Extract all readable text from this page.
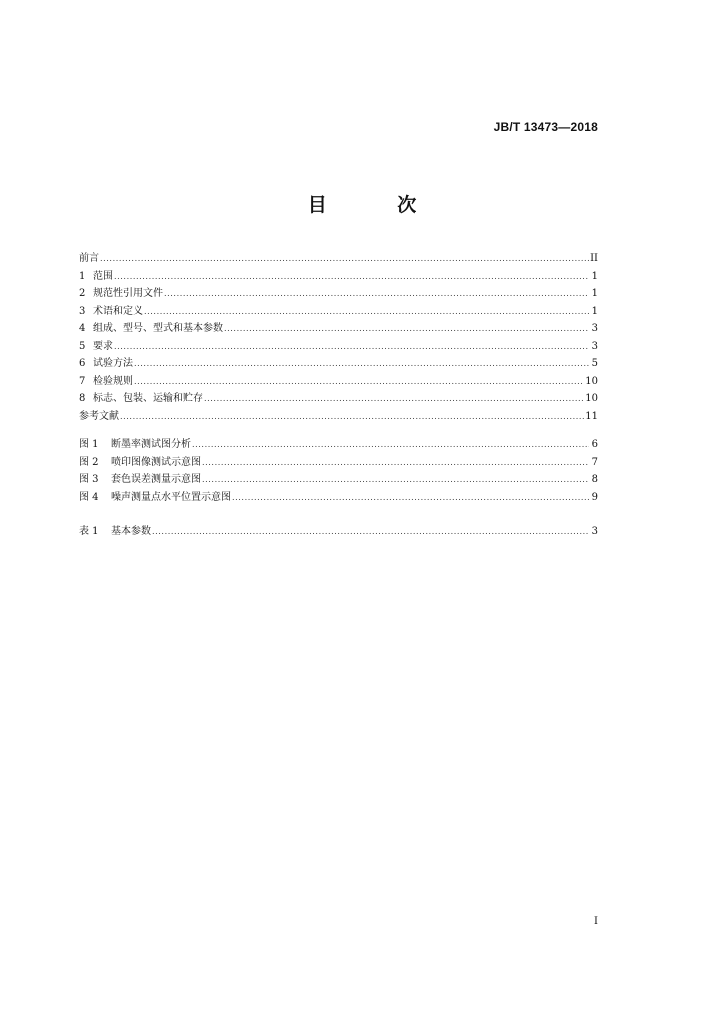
JB/T 13473—2018
目 次
前言 .....	II
1 范围 .....	1
2 规范性引用文件 .....	1
3 术语和定义 .....	1
4 组成、型号、型式和基本参数 .....	3
5 要求 .....	3
6 试验方法 .....	5
7 检验规则 .....	10
8 标志、包装、运输和贮存 .....	10
参考文献 .....	11
图 1	断墨率测试图分析 .....	6
图 2	喷印图像测试示意图 .....	7
图 3	套色误差测量示意图 .....	8
图 4	噪声测量点水平位置示意图 .....	9
表 1	基本参数 .....	3
I
